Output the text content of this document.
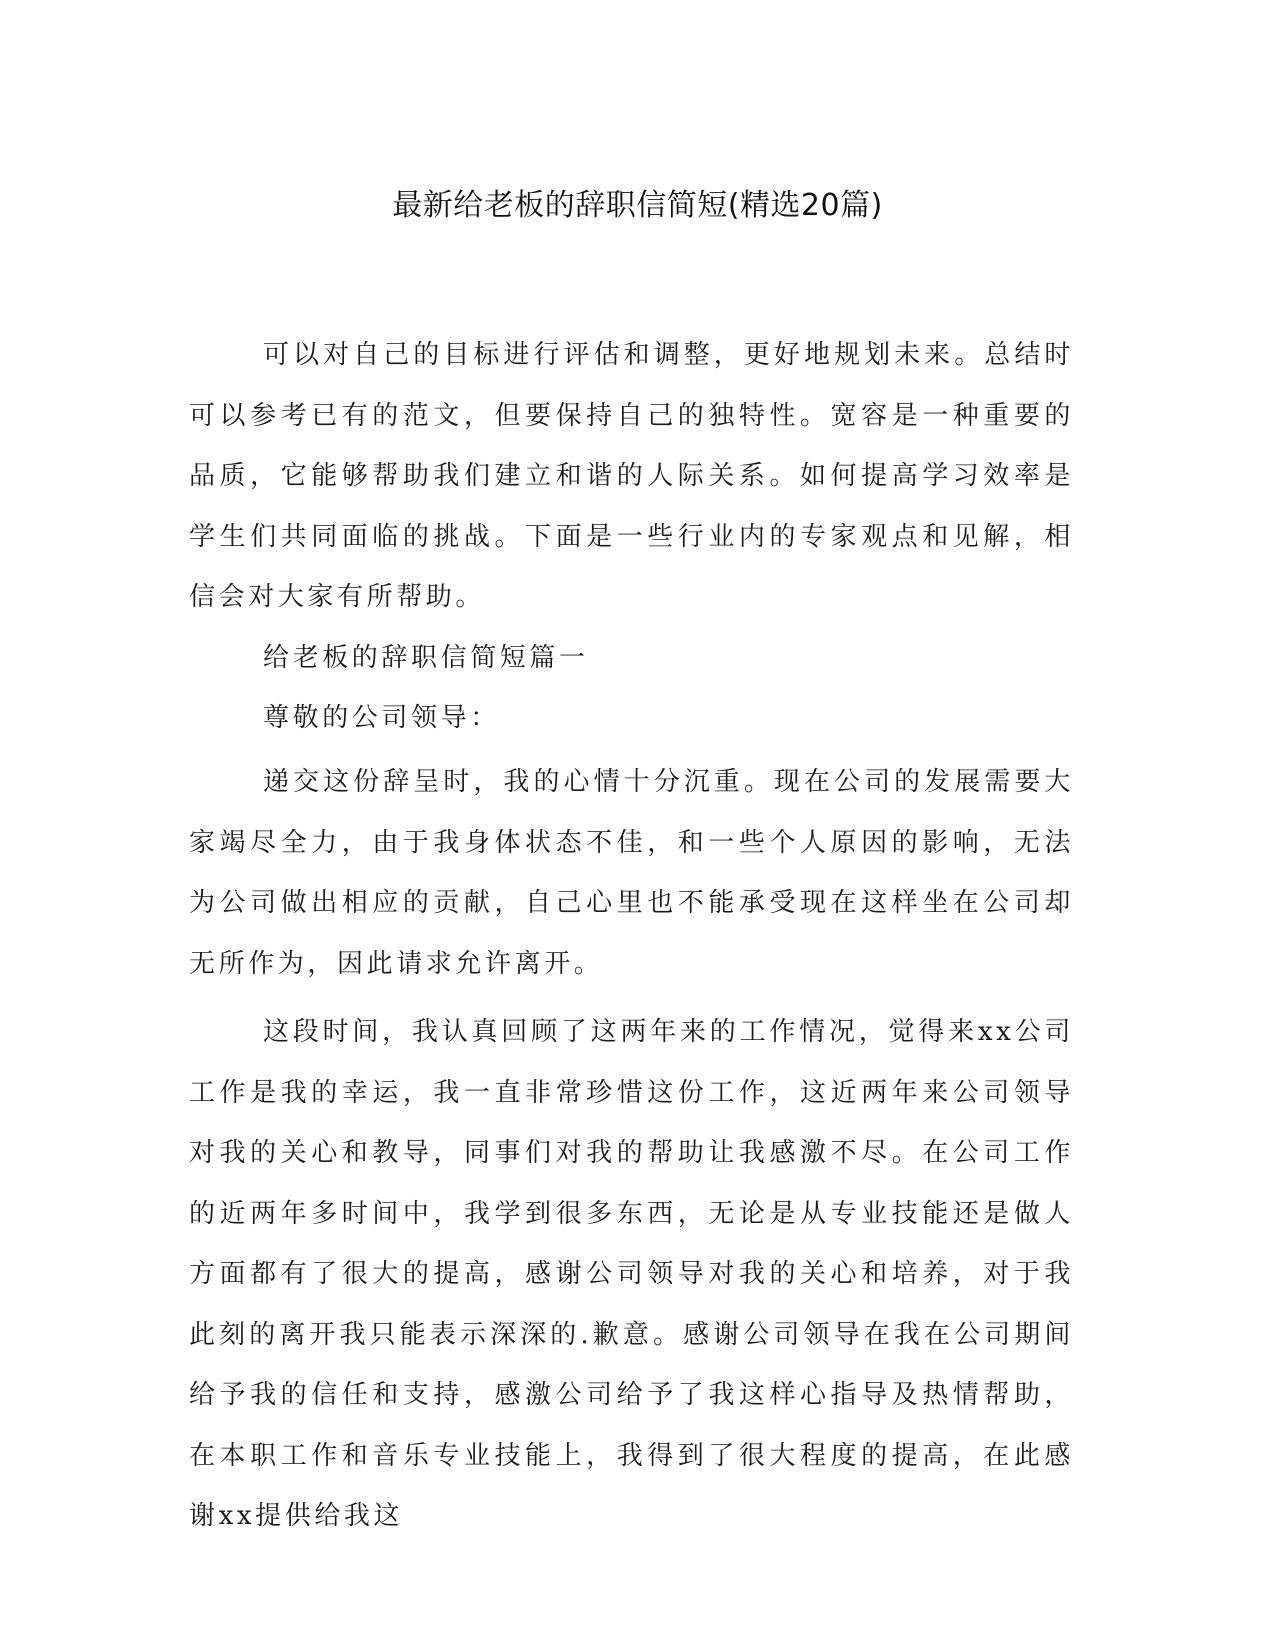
最新给老板的辞职信简短(精选20篇)

可以对自己的目标进行评估和调整，更好地规划未来。总结时可以参考已有的范文，但要保持自己的独特性。宽容是一种重要的品质，它能够帮助我们建立和谐的人际关系。如何提高学习效率是学生们共同面临的挑战。下面是一些行业内的专家观点和见解，相信会对大家有所帮助。

给老板的辞职信简短篇一

尊敬的公司领导：

递交这份辞呈时，我的心情十分沉重。现在公司的发展需要大家竭尽全力，由于我身体状态不佳，和一些个人原因的影响，无法为公司做出相应的贡献，自己心里也不能承受现在这样坐在公司却无所作为，因此请求允许离开。

这段时间，我认真回顾了这两年来的工作情况，觉得来xx公司工作是我的幸运，我一直非常珍惜这份工作，这近两年来公司领导对我的关心和教导，同事们对我的帮助让我感激不尽。在公司工作的近两年多时间中，我学到很多东西，无论是从专业技能还是做人方面都有了很大的提高，感谢公司领导对我的关心和培养，对于我此刻的离开我只能表示深深的.歉意。感谢公司领导在我在公司期间给予我的信任和支持，感激公司给予了我这样心指导及热情帮助，在本职工作和音乐专业技能上，我得到了很大程度的提高，在此感谢xx提供给我这
